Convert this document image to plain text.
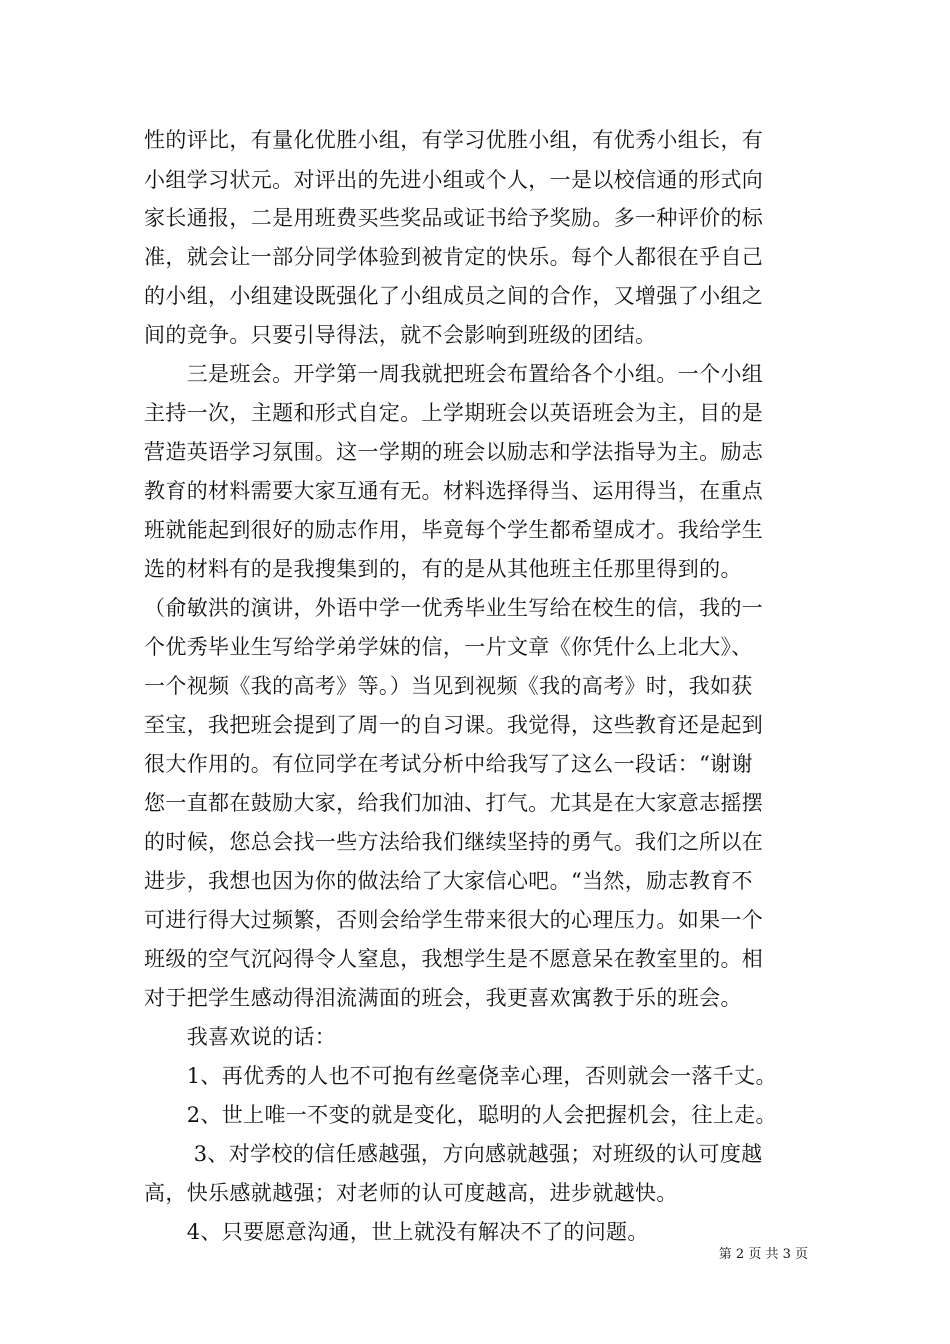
性的评比，有量化优胜小组，有学习优胜小组，有优秀小组长，有
小组学习状元。对评出的先进小组或个人，一是以校信通的形式向
家长通报，二是用班费买些奖品或证书给予奖励。多一种评价的标
准，就会让一部分同学体验到被肯定的快乐。每个人都很在乎自己
的小组，小组建设既强化了小组成员之间的合作，又增强了小组之
间的竞争。只要引导得法，就不会影响到班级的团结。
　　三是班会。开学第一周我就把班会布置给各个小组。一个小组
主持一次，主题和形式自定。上学期班会以英语班会为主，目的是
营造英语学习氛围。这一学期的班会以励志和学法指导为主。励志
教育的材料需要大家互通有无。材料选择得当、运用得当，在重点
班就能起到很好的励志作用，毕竟每个学生都希望成才。我给学生
选的材料有的是我搜集到的，有的是从其他班主任那里得到的。
（俞敏洪的演讲，外语中学一优秀毕业生写给在校生的信，我的一
个优秀毕业生写给学弟学妹的信，一片文章《你凭什么上北大》、
一个视频《我的高考》等。）当见到视频《我的高考》时，我如获
至宝，我把班会提到了周一的自习课。我觉得，这些教育还是起到
很大作用的。有位同学在考试分析中给我写了这么一段话：“谢谢
您一直都在鼓励大家，给我们加油、打气。尤其是在大家意志摇摆
的时候，您总会找一些方法给我们继续坚持的勇气。我们之所以在
进步，我想也因为你的做法给了大家信心吧。“当然，励志教育不
可进行得大过频繁，否则会给学生带来很大的心理压力。如果一个
班级的空气沉闷得令人窒息，我想学生是不愿意呆在教室里的。相
对于把学生感动得泪流满面的班会，我更喜欢寓教于乐的班会。
　　我喜欢说的话：
　　1、再优秀的人也不可抱有丝毫侥幸心理，否则就会一落千丈。
　　2、世上唯一不变的就是变化，聪明的人会把握机会，往上走。
　　 3、对学校的信任感越强，方向感就越强；对班级的认可度越
高，快乐感就越强；对老师的认可度越高，进步就越快。
　　4、只要愿意沟通，世上就没有解决不了的问题。
第 2 页 共 3 页
